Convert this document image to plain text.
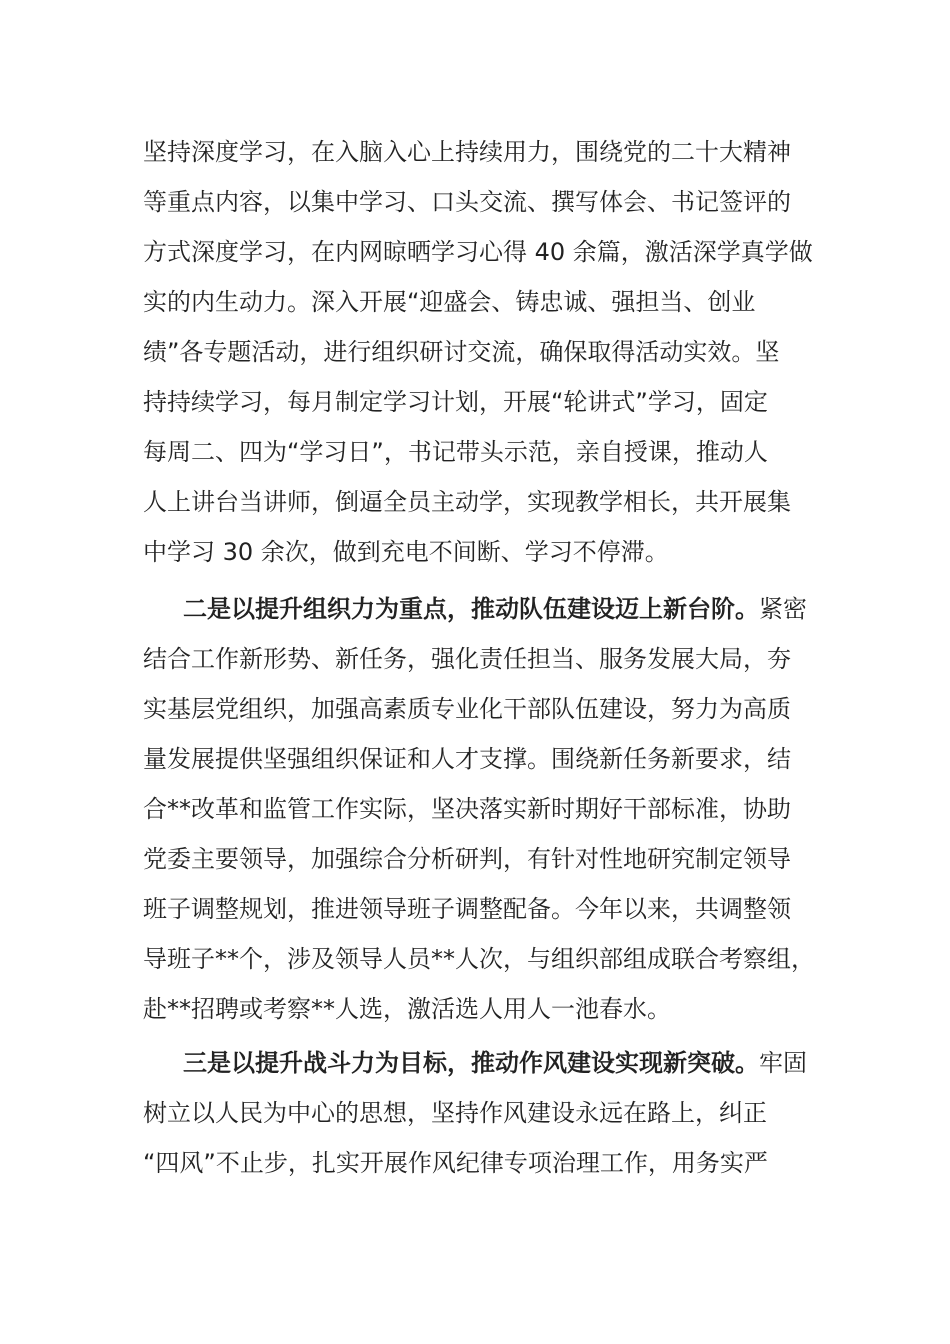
坚持深度学习，在入脑入心上持续用力，围绕党的二十大精神
等重点内容，以集中学习、口头交流、撰写体会、书记签评的
方式深度学习，在内网晾晒学习心得 40 余篇，激活深学真学做
实的内生动力。深入开展“迎盛会、铸忠诚、强担当、创业
绩”各专题活动，进行组织研讨交流，确保取得活动实效。坚
持持续学习，每月制定学习计划，开展“轮讲式”学习，固定
每周二、四为“学习日”，书记带头示范，亲自授课，推动人
人上讲台当讲师，倒逼全员主动学，实现教学相长，共开展集
中学习 30 余次，做到充电不间断、学习不停滞。
二是以提升组织力为重点，推动队伍建设迈上新台阶。紧密
结合工作新形势、新任务，强化责任担当、服务发展大局，夯
实基层党组织，加强高素质专业化干部队伍建设，努力为高质
量发展提供坚强组织保证和人才支撑。围绕新任务新要求，结
合**改革和监管工作实际，坚决落实新时期好干部标准，协助
党委主要领导，加强综合分析研判，有针对性地研究制定领导
班子调整规划，推进领导班子调整配备。今年以来，共调整领
导班子**个，涉及领导人员**人次，与组织部组成联合考察组，
赴**招聘或考察**人选，激活选人用人一池春水。
三是以提升战斗力为目标，推动作风建设实现新突破。牢固
树立以人民为中心的思想，坚持作风建设永远在路上，纠正
“四风”不止步，扎实开展作风纪律专项治理工作，用务实严
